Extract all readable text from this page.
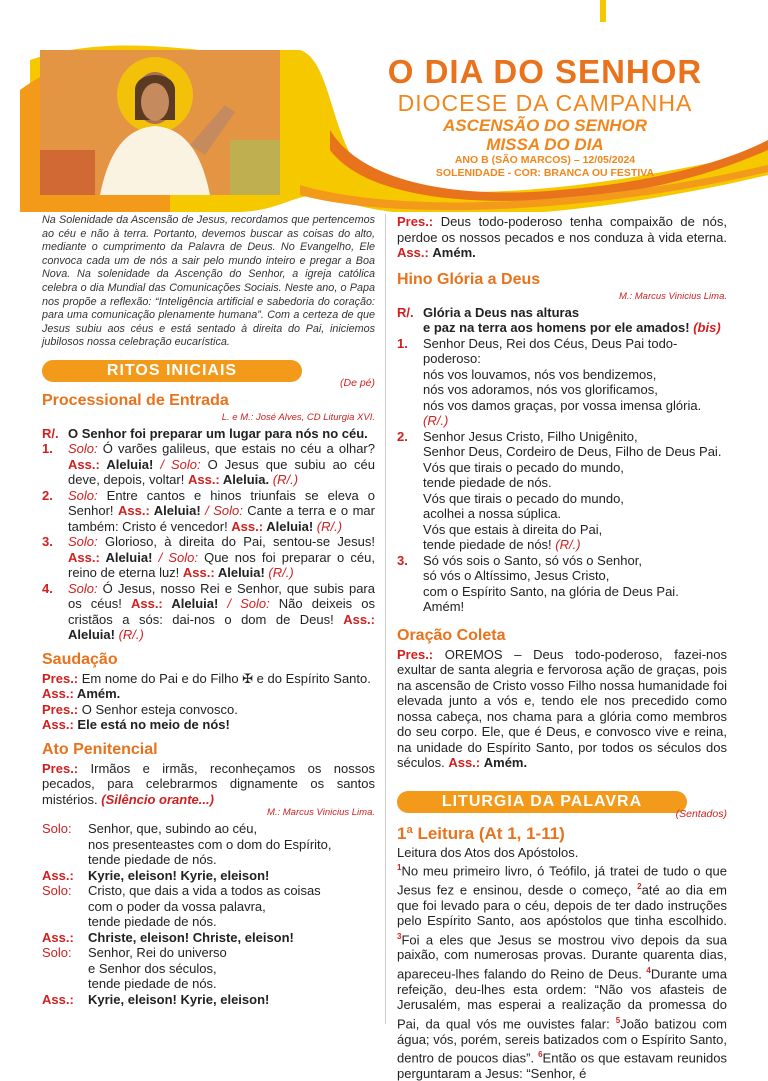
O DIA DO SENHOR
DIOCESE DA CAMPANHA
ASCENSÃO DO SENHOR
MISSA DO DIA
ANO B (SÃO MARCOS) – 12/05/2024
SOLENIDADE - COR: BRANCA OU FESTIVA

Na Solenidade da Ascensão de Jesus, recordamos que pertencemos ao céu e não à terra. Portanto, devemos buscar as coisas do alto, mediante o cumprimento da Palavra de Deus. No Evangelho, Ele convoca cada um de nós a sair pelo mundo inteiro e pregar a Boa Nova. Na solenidade da Ascenção do Senhor, a igreja católica celebra o dia Mundial das Comunicações Sociais. Neste ano, o Papa nos propõe a reflexão: “Inteligência artificial e sabedoria do coração: para uma comunicação plenamente humana”. Com a certeza de que Jesus subiu aos céus e está sentado à direita do Pai, iniciemos jubilosos nossa celebração eucarística.

RITOS INICIAIS
(De pé)
Processional de Entrada

L. e M.: José Alves, CD Liturgia XVI.

R/. O Senhor foi preparar um lugar para nós no céu.
1.	Solo: Ó varões galileus, que estais no céu a olhar? Ass.: Aleluia! / Solo: O Jesus que subiu ao céu deve, depois, voltar! Ass.: Aleluia. (R/.)
2.	Solo: Entre cantos e hinos triunfais se eleva o Senhor! Ass.: Aleluia! / Solo: Cante a terra e o mar também: Cristo é vencedor! Ass.: Aleluia! (R/.)
3.	Solo: Glorioso, à direita do Pai, sentou-se Jesus! Ass.: Aleluia! / Solo: Que nos foi preparar o céu, reino de eterna luz! Ass.: Aleluia! (R/.)
4.	Solo: Ó Jesus, nosso Rei e Senhor, que subis para os céus! Ass.: Aleluia! / Solo: Não deixeis os cristãos a sós: dai-nos o dom de Deus! Ass.: Aleluia! (R/.)
Saudação

Pres.: Em nome do Pai e do Filho ✠ e do Espírito Santo.

Ass.: Amém.

Pres.: O Senhor esteja convosco.

Ass.: Ele está no meio de nós!

Ato Penitencial

Pres.: Irmãos e irmãs, reconheçamos os nossos pecados, para celebrarmos dignamente os santos mistérios. (Silêncio orante...)

M.: Marcus Vinicius Lima.

Solo:	Senhor, que, subindo ao céu,
nos presenteastes com o dom do Espírito,
tende piedade de nós.
Ass.:	Kyrie, eleison! Kyrie, eleison!
Solo:	Cristo, que dais a vida a todos as coisas
com o poder da vossa palavra,
tende piedade de nós.
Ass.:	Christe, eleison! Christe, eleison!
Solo:	Senhor, Rei do universo
e Senhor dos séculos,
tende piedade de nós.
Ass.:	Kyrie, eleison! Kyrie, eleison!

Pres.: Deus todo-poderoso tenha compaixão de nós, perdoe os nossos pecados e nos conduza à vida eterna. Ass.: Amém.

Hino Glória a Deus

M.: Marcus Vinicius Lima.

R/. Glória a Deus nas alturas

e paz na terra aos homens por ele amados! (bis)

1.	Senhor Deus, Rei dos Céus, Deus Pai todo-poderoso:
nós vos louvamos, nós vos bendizemos,
nós vos adoramos, nós vos glorificamos,
nós vos damos graças, por vossa imensa glória. (R/.)
2.	Senhor Jesus Cristo, Filho Unigênito,
Senhor Deus, Cordeiro de Deus, Filho de Deus Pai.
Vós que tirais o pecado do mundo,
tende piedade de nós.
Vós que tirais o pecado do mundo,
acolhei a nossa súplica.
Vós que estais à direita do Pai,
tende piedade de nós! (R/.)
3.	Só vós sois o Santo, só vós o Senhor,
só vós o Altíssimo, Jesus Cristo,
com o Espírito Santo, na glória de Deus Pai.
Amém!
Oração Coleta

Pres.: OREMOS – Deus todo-poderoso, fazei-nos exultar de santa alegria e fervorosa ação de graças, pois na ascensão de Cristo vosso Filho nossa humanidade foi elevada junto a vós e, tendo ele nos precedido como nossa cabeça, nos chama para a glória como membros do seu corpo. Ele, que é Deus, e convosco vive e reina, na unidade do Espírito Santo, por todos os séculos dos séculos. Ass.: Amém.

LITURGIA DA PALAVRA
(Sentados)
1ª Leitura (At 1, 1-11)

Leitura dos Atos dos Apóstolos.

$^1$No meu primeiro livro, ó Teófilo, já tratei de tudo o que Jesus fez e ensinou, desde o começo, $^2$até ao dia em que foi levado para o céu, depois de ter dado instruções pelo Espírito Santo, aos apóstolos que tinha escolhido. $^3$Foi a eles que Jesus se mostrou vivo depois da sua paixão, com numerosas provas. Durante quarenta dias, apareceu-lhes falando do Reino de Deus. $^4$Durante uma refeição, deu-lhes esta ordem: “Não vos afasteis de Jerusalém, mas esperai a realização da promessa do Pai, da qual vós me ouvistes falar: $^5$João batizou com água; vós, porém, sereis batizados com o Espírito Santo, dentro de poucos dias”. $^6$Então os que estavam reunidos perguntaram a Jesus: “Senhor, é
